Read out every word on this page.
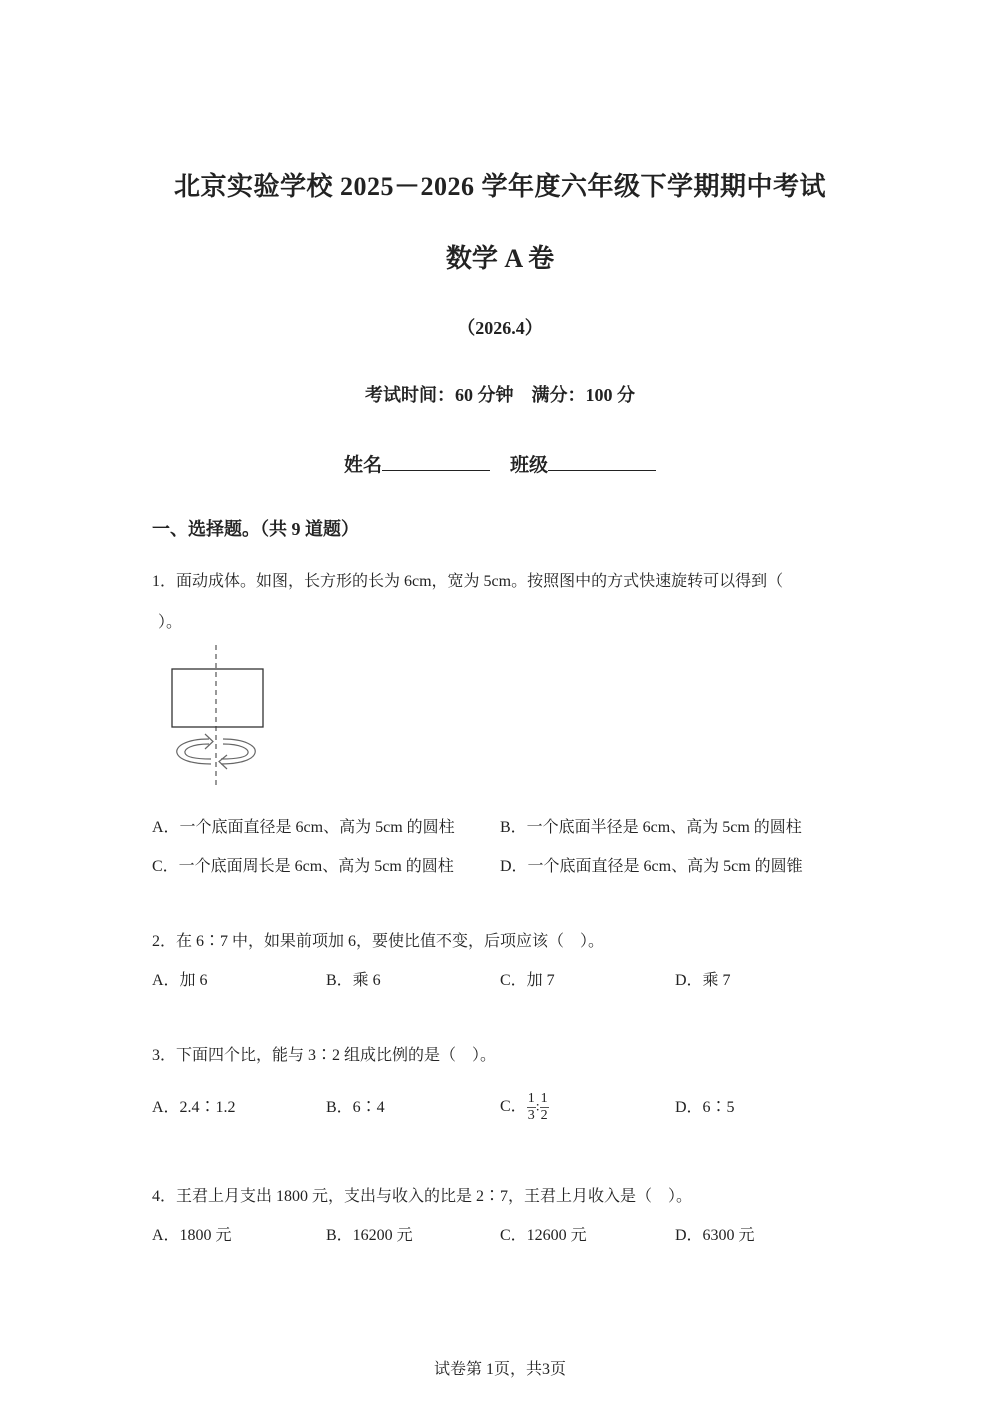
北京实验学校 2025－2026 学年度六年级下学期期中考试
数学 A 卷
（2026.4）
考试时间：60 分钟 满分：100 分
姓名	班级
一、选择题。（共 9 道题）
1．面动成体。如图，长方形的长为 6cm，宽为 5cm。按照图中的方式快速旋转可以得到（
）。
A．一个底面直径是 6cm、高为 5cm 的圆柱	B．一个底面半径是 6cm、高为 5cm 的圆柱
C．一个底面周长是 6cm、高为 5cm 的圆柱	D．一个底面直径是 6cm、高为 5cm 的圆锥
2．在 6∶7 中，如果前项加 6，要使比值不变，后项应该（　）。
A．加 6	B．乘 6	C．加 7	D．乘 7
3．下面四个比，能与 3∶2 组成比例的是（　）。
A．2.4∶1.2	B．6∶4	C． $\frac{1}{3}$ : $\frac{1}{2}$	D．6∶5
4．王君上月支出 1800 元，支出与收入的比是 2∶7，王君上月收入是（　）。
A．1800 元	B．16200 元	C．12600 元	D．6300 元
试卷第 1页，共3页
